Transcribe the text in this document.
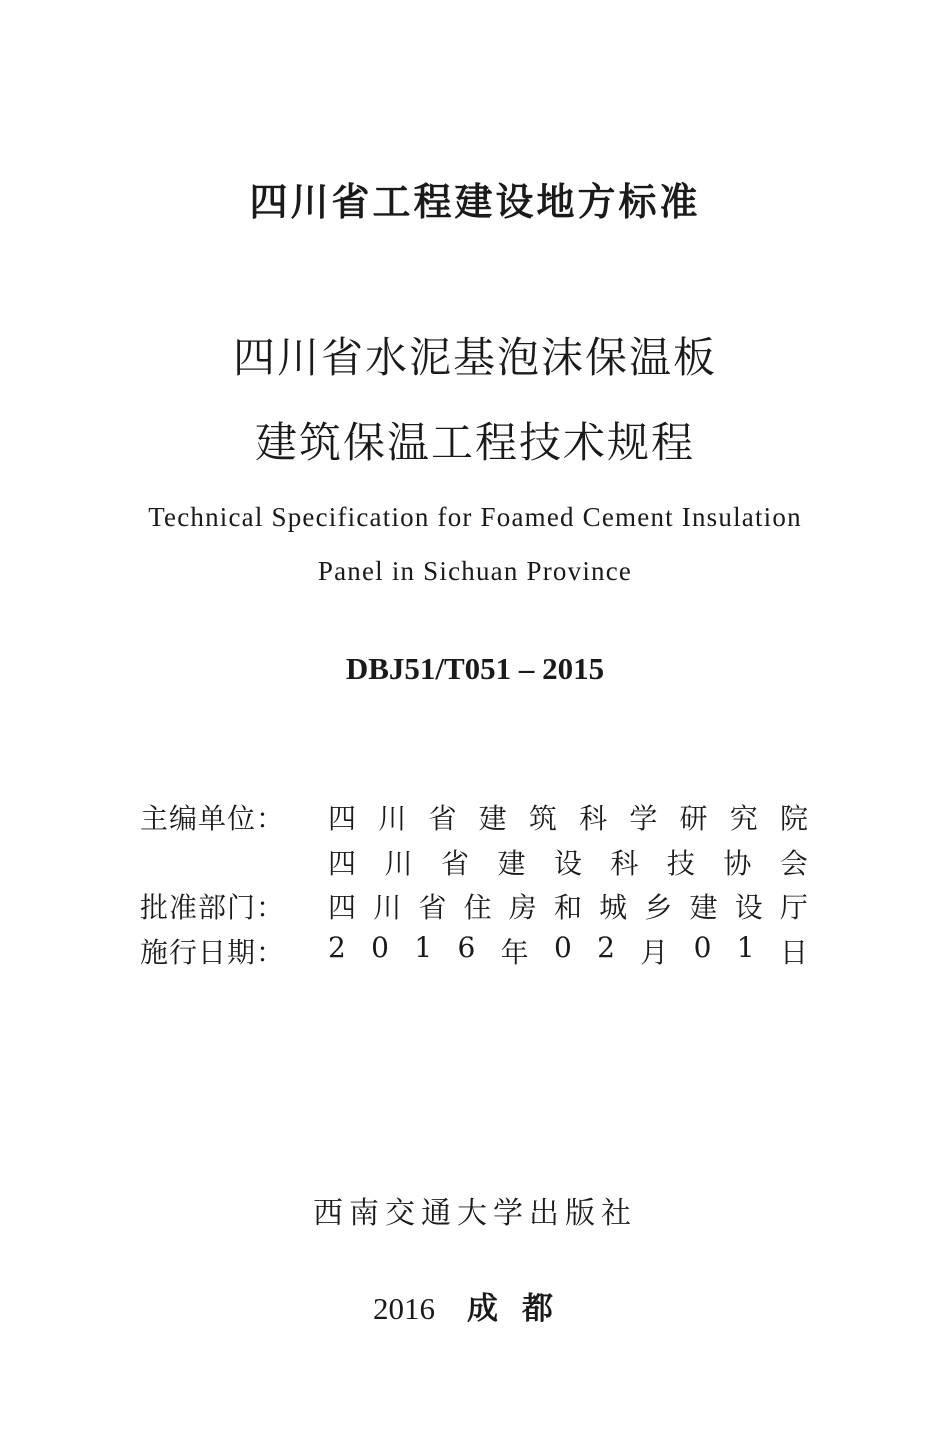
四川省工程建设地方标准
四川省水泥基泡沫保温板
建筑保温工程技术规程
Technical Specification for Foamed Cement Insulation
Panel in Sichuan Province
DBJ51/T051 – 2015
主编单位：	四 川 省 建 筑 科 学 研 究 院
四 川 省 建 设 科 技 协 会
批准部门：	四 川 省 住 房 和 城 乡 建 设 厅
施行日期：	2 0 1 6 年 0 2 月 0 1 日
西南交通大学出版社
2016 成都
